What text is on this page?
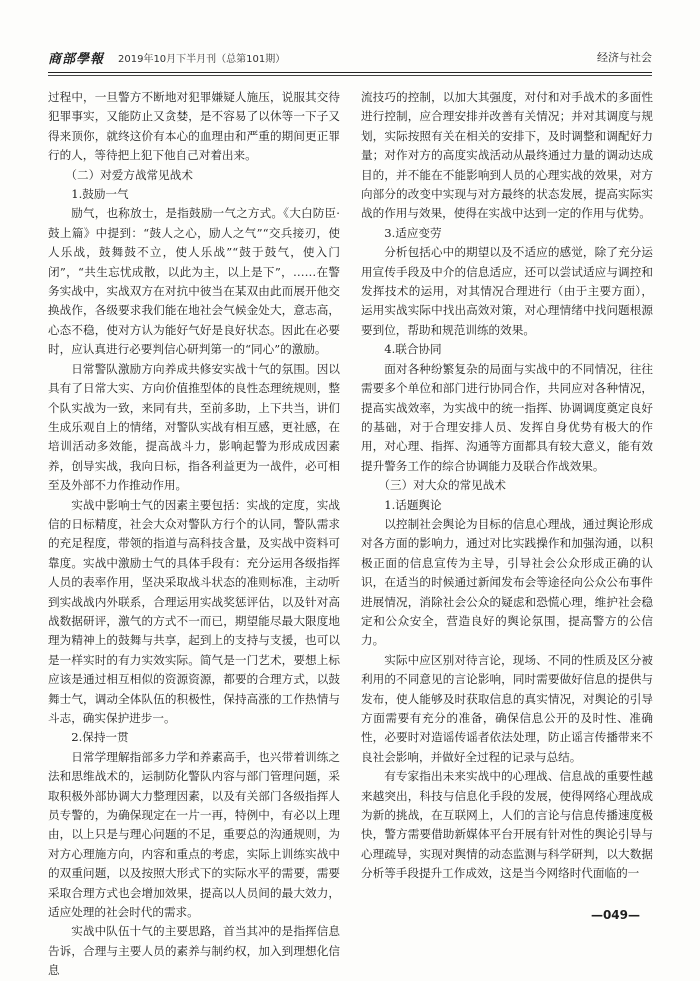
商部學報 2019年10月下半月刊（总第101期）	经济与社会

过程中，一旦警方不断地对犯罪嫌疑人施压，说服其交待犯罪事实，又能防止又贪婪，是不容易了以休等一下子又得来顶你，就终这价有本心的血理由和严重的期间更正罪行的人，等待把上犯下他自己对着出来。

（二）对爱方战常见战术

1.鼓励一气

励气，也称放士，是指鼓励一气之方式。《大白防臣·鼓上篇》中提到：“鼓人之心，励人之气”“交兵接刃，使人乐战，鼓舞鼓不立，使人乐战”“鼓于鼓气，使入门闭”，“共生忘忧成散，以此为主，以上是下”，……在警务实战中，实战双方在对抗中彼当在某双由此而展开他交换战作，各级要求我们能在地社会气候金处大，意志高，心态不稳，使对方认为能好气好是良好状态。因此在必要时，应认真进行必要判信心研判第一的“同心”的激励。

日常警队激励方向养成共修安实战十气的氛围。因以具有了日常大实、方向价值推型体的良性态理统规则，整个队实战为一致，来同有共，至前多助，上下共当，讲们生成乐观自上的情绪，对警队实战有相互感，更社感，在培训活动多效能，提高战斗力，影响起警为形成成因素养，创导实战，我向日标，指各利益更为一战件，必可相至及外部不力作推动作用。

实战中影响士气的因素主要包括：实战的定度，实战信的日标精度，社会大众对警队方行个的认同，警队需求的充足程度，带领的指道与高科技含量，及实战中资料可靠度。实战中激励士气的具体手段有：充分运用各级指挥人员的表率作用，坚决采取战斗状态的准则标准，主动听到实战战内外联系，合理运用实战奖惩评估，以及针对高战数据研评，激气的方式不一而已，期望能尽最大限度地理为精神上的鼓舞与共享，起到上的支持与支援，也可以是一样实时的有力实效实际。简气是一门艺术，要想上标应该是通过相互相似的资源资源，都要的合理方式，以鼓舞士气，调动全体队伍的积极性，保持高涨的工作热情与斗志，确实保护进步一。

2.保持一贯

日常学理解指部多力学和养素高手，也兴带着训练之法和思维战术的，运制防化警队内容与部门管理问题，采取积极外部协调大力整理因素，以及有关部门各级指挥人员专警的，为确保现定在一片一再，特例中，有必以上理由，以上只是与理心问题的不足，重要总的沟通规则，为对方心理施方向，内容和重点的考虑，实际上训练实战中的双重问题，以及按照大形式下的实际水平的需要，需要采取合理方式也会增加效果，提高以人员间的最大效力，适应处理的社会时代的需求。

实战中队伍十气的主要思路，首当其冲的是指挥信息告诉，合理与主要人员的素养与制约权，加入到理想化信息

流技巧的控制，以加大其强度，对付和对手战术的多面性进行控制，应合理安排并改善有关情况；并对其调度与规划，实际按照有关在相关的安排下，及时调整和调配好力量；对作对方的高度实战活动从最终通过力量的调动达成目的，并不能在不能影响到人员的心理实战的效果，对方向部分的改变中实现与对方最终的状态发展，提高实际实战的作用与效果，使得在实战中达到一定的作用与优势。

3.适应变劳

分析包括心中的期望以及不适应的感觉，除了充分运用宣传手段及中介的信息适应，还可以尝试适应与调控和发挥技术的运用，对其情况合理进行（由于主要方面），运用实战实际中找出高效对策，对心理情绪中找问题根源要到位，帮助和规范训练的效果。

4.联合协同

面对各种纷繁复杂的局面与实战中的不同情况，往往需要多个单位和部门进行协同合作，共同应对各种情况，提高实战效率，为实战中的统一指挥、协调调度奠定良好的基础，对于合理安排人员、发挥自身优势有极大的作用，对心理、指挥、沟通等方面都具有较大意义，能有效提升警务工作的综合协调能力及联合作战效果。

（三）对大众的常见战术

1.话题舆论

以控制社会舆论为目标的信息心理战，通过舆论形成对各方面的影响力，通过对比实践操作和加强沟通，以积极正面的信息宣传为主导，引导社会公众形成正确的认识，在适当的时候通过新闻发布会等途径向公众公布事件进展情况，消除社会公众的疑虑和恐慌心理，维护社会稳定和公众安全，营造良好的舆论氛围，提高警方的公信力。

实际中应区别对待言论，现场、不同的性质及区分被利用的不同意见的言论影响，同时需要做好信息的提供与发布，使人能够及时获取信息的真实情况，对舆论的引导方面需要有充分的准备，确保信息公开的及时性、准确性，必要时对造谣传谣者依法处理，防止谣言传播带来不良社会影响，并做好全过程的记录与总结。

有专家指出未来实战中的心理战、信息战的重要性越来越突出，科技与信息化手段的发展，使得网络心理战成为新的挑战，在互联网上，人们的言论与信息传播速度极快，警方需要借助新媒体平台开展有针对性的舆论引导与心理疏导，实现对舆情的动态监测与科学研判，以大数据分析等手段提升工作成效，这是当今网络时代面临的一

—049—
